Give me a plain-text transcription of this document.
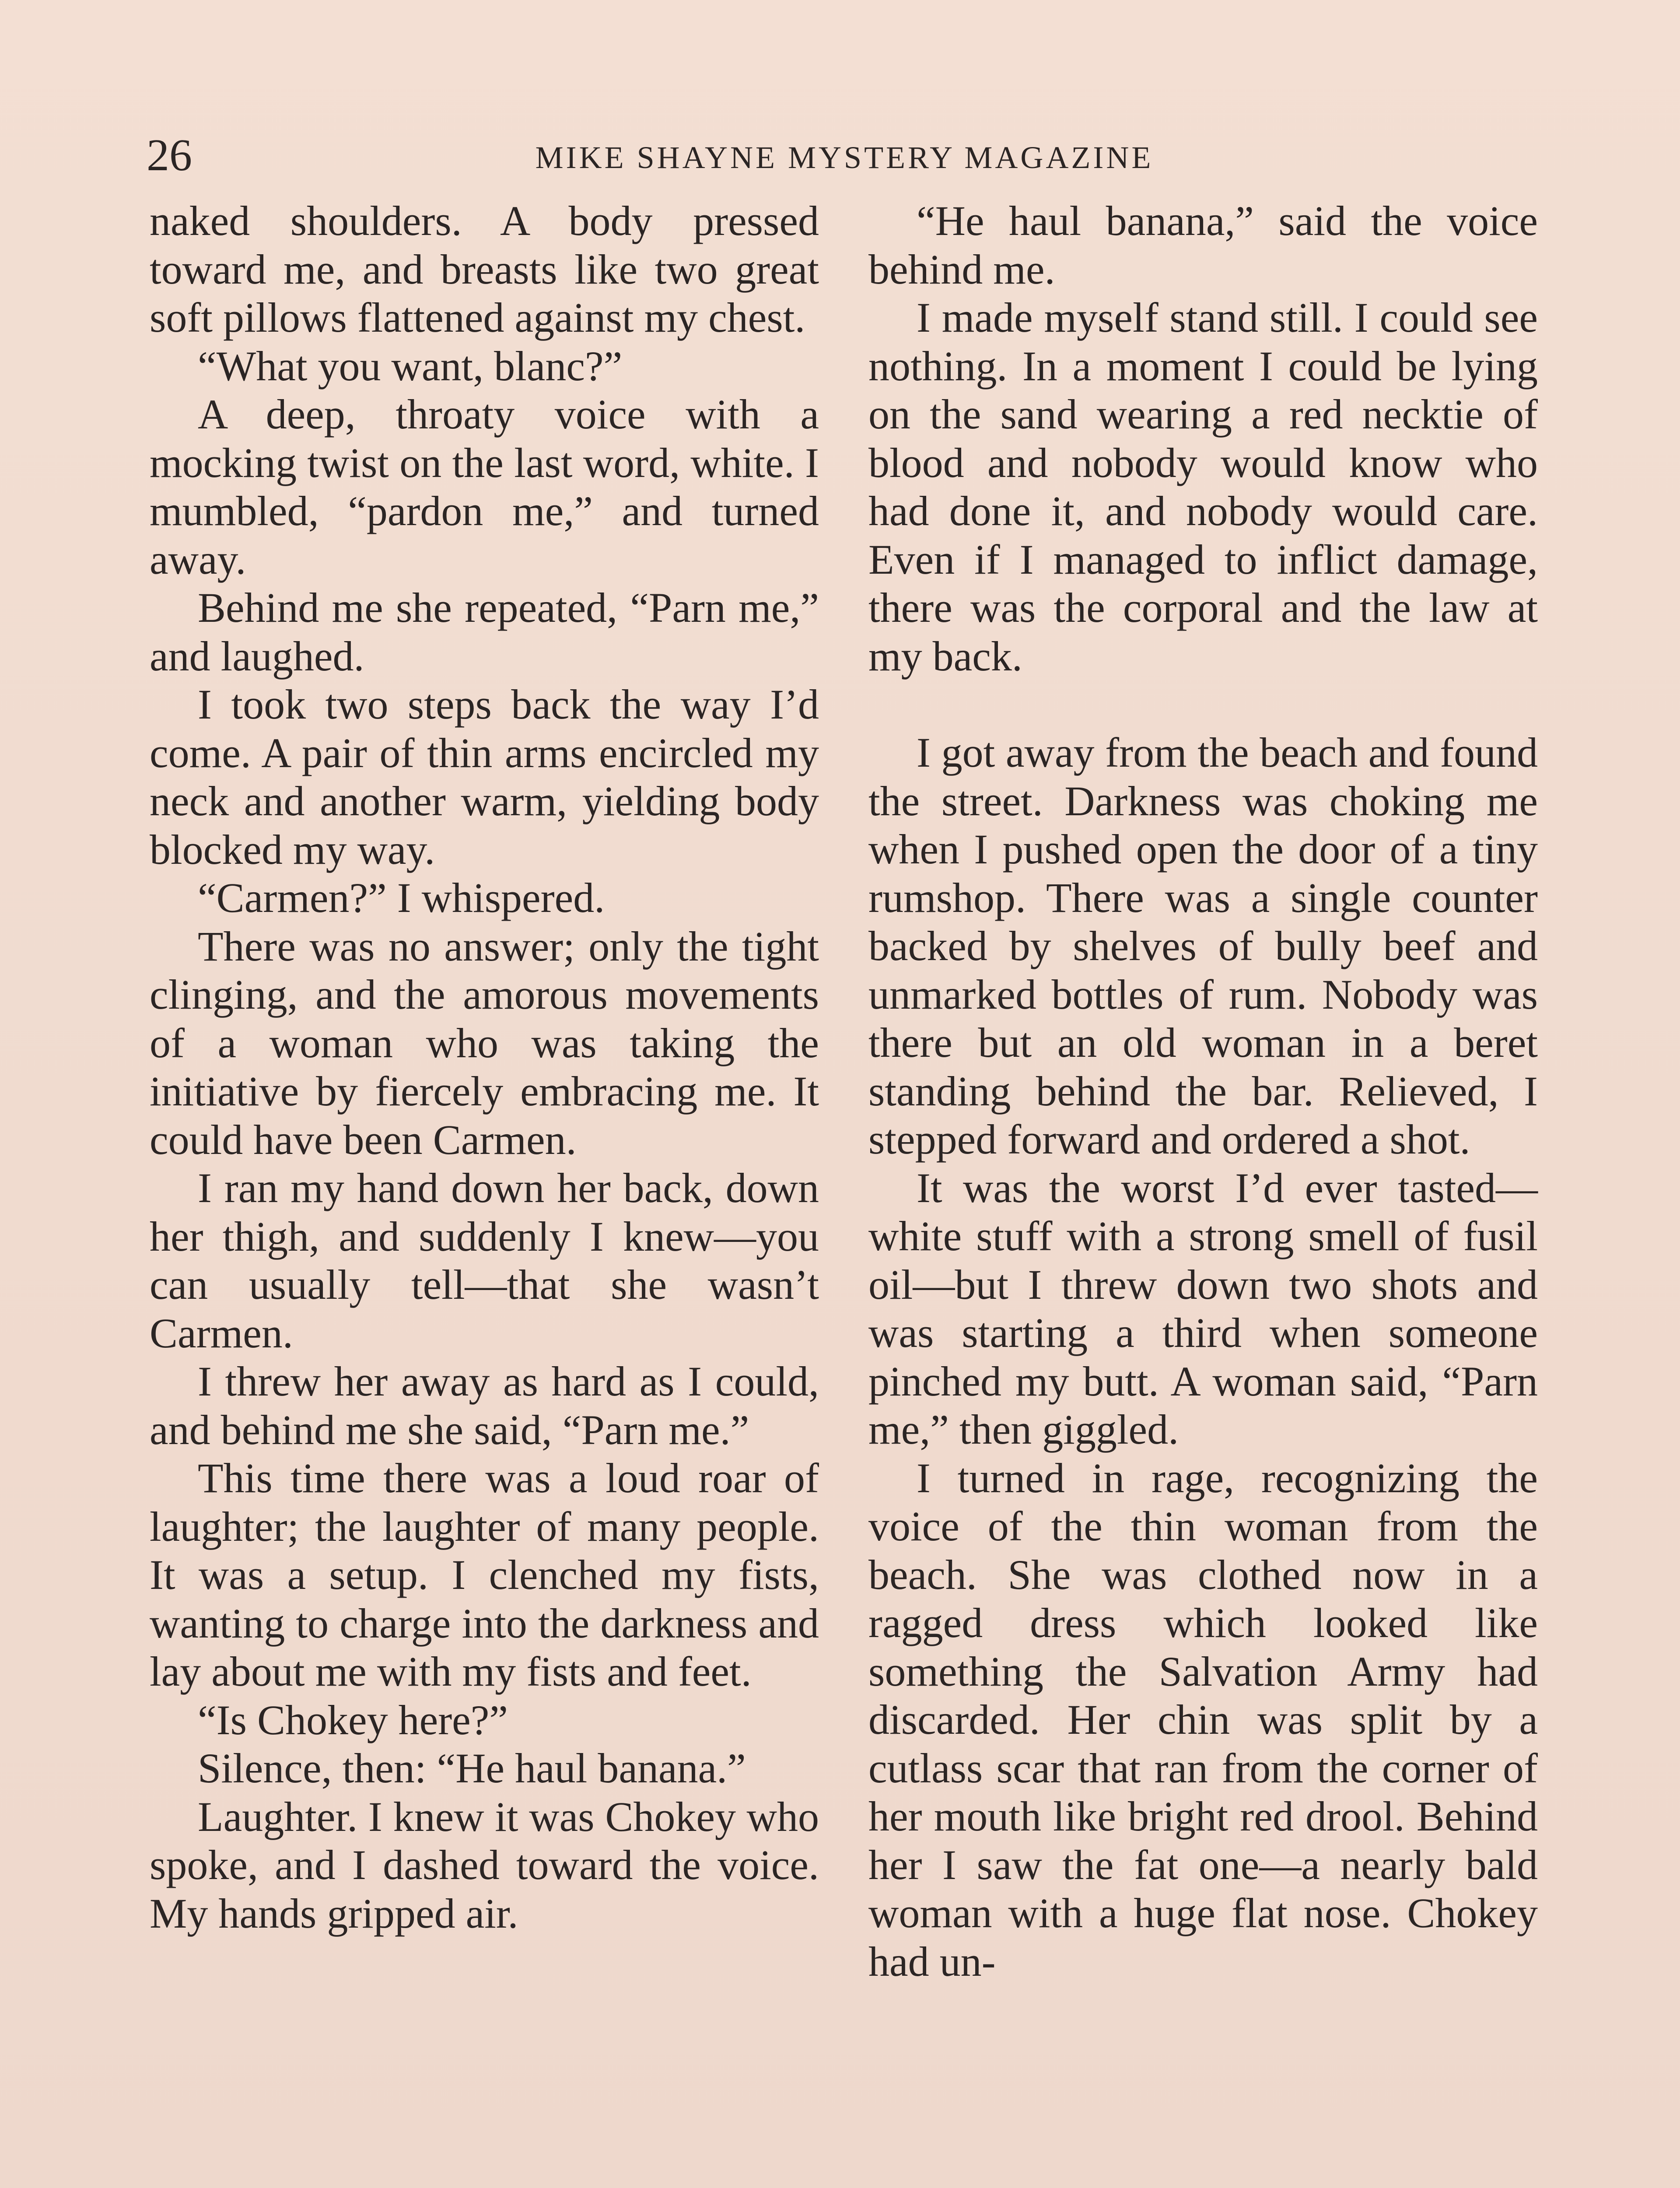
26	MIKE SHAYNE MYSTERY MAGAZINE

naked shoulders. A body pressed toward me, and breasts like two great soft pillows flattened against my chest.

“What you want, blanc?”

A deep, throaty voice with a mocking twist on the last word, white. I mumbled, “pardon me,” and turned away.

Behind me she repeated, “Parn me,” and laughed.

I took two steps back the way I’d come. A pair of thin arms encircled my neck and another warm, yielding body blocked my way.

“Carmen?” I whispered.

There was no answer; only the tight clinging, and the amorous movements of a woman who was taking the initiative by fiercely embracing me. It could have been Carmen.

I ran my hand down her back, down her thigh, and suddenly I knew—you can usually tell—that she wasn’t Carmen.

I threw her away as hard as I could, and behind me she said, “Parn me.”

This time there was a loud roar of laughter; the laughter of many people. It was a setup. I clenched my fists, wanting to charge into the darkness and lay about me with my fists and feet.

“Is Chokey here?”

Silence, then: “He haul banana.”

Laughter. I knew it was Chokey who spoke, and I dashed toward the voice. My hands gripped air.

“He haul banana,” said the voice behind me.

I made myself stand still. I could see nothing. In a moment I could be lying on the sand wearing a red necktie of blood and nobody would know who had done it, and nobody would care. Even if I managed to inflict damage, there was the corporal and the law at my back.

I got away from the beach and found the street. Darkness was choking me when I pushed open the door of a tiny rumshop. There was a single counter backed by shelves of bully beef and unmarked bottles of rum. Nobody was there but an old woman in a beret standing behind the bar. Relieved, I stepped forward and ordered a shot.

It was the worst I’d ever tasted—white stuff with a strong smell of fusil oil—but I threw down two shots and was starting a third when someone pinched my butt. A woman said, “Parn me,” then giggled.

I turned in rage, recognizing the voice of the thin woman from the beach. She was clothed now in a ragged dress which looked like something the Salvation Army had discarded. Her chin was split by a cutlass scar that ran from the corner of her mouth like bright red drool. Behind her I saw the fat one—a nearly bald woman with a huge flat nose. Chokey had un-
